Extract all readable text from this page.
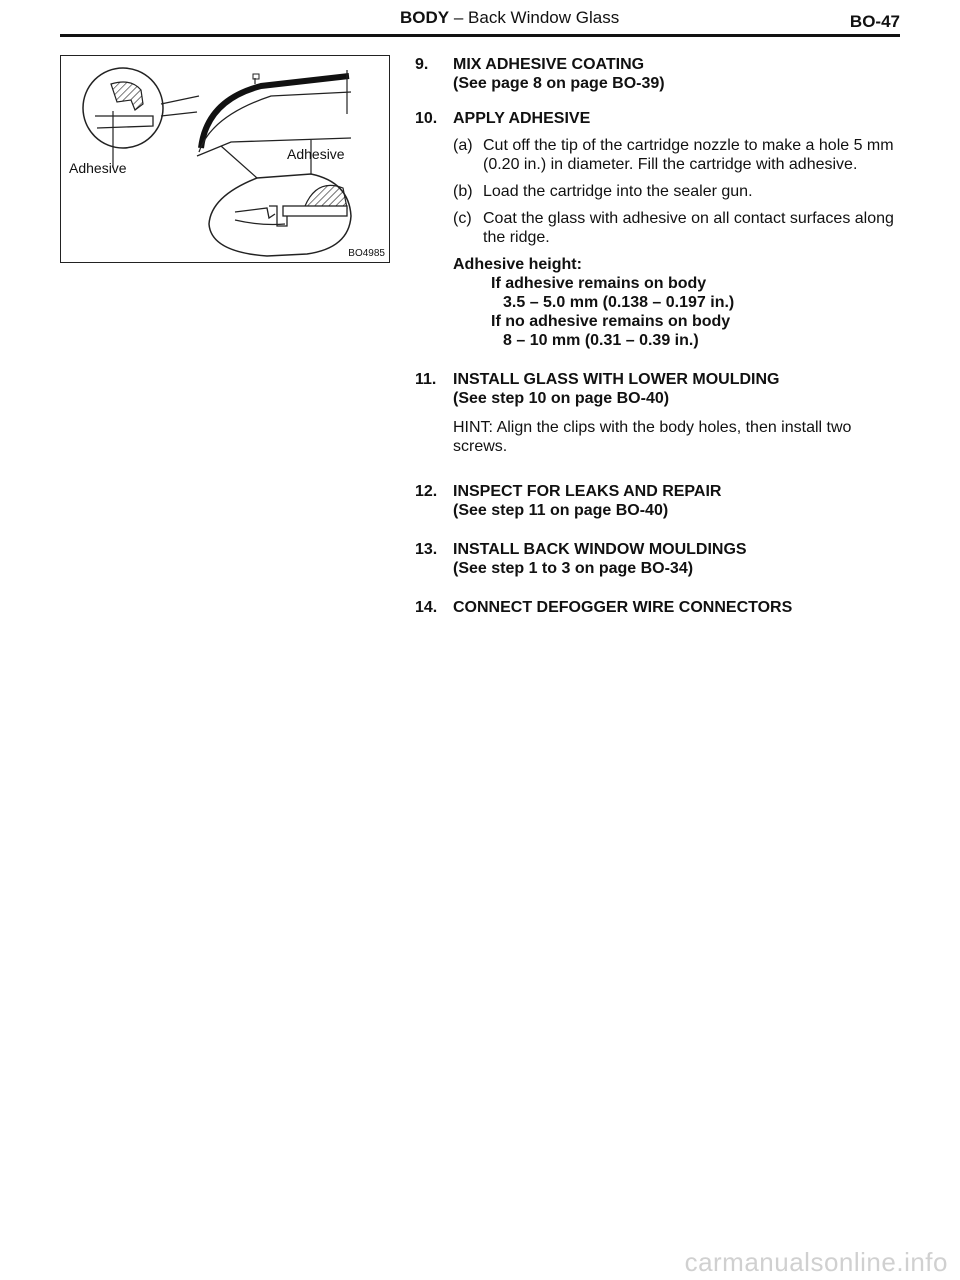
BODY – Back Window Glass	BO-47
Adhesive
Adhesive
BO4985
9. MIX ADHESIVE COATING
(See page 8 on page BO-39)
10. APPLY ADHESIVE
(a) Cut off the tip of the cartridge nozzle to make a hole 5 mm (0.20 in.) in diameter. Fill the cartridge with adhesive.
(b) Load the cartridge into the sealer gun.
(c) Coat the glass with adhesive on all contact surfaces along the ridge.
Adhesive height:
If adhesive remains on body
3.5 – 5.0 mm (0.138 – 0.197 in.)
If no adhesive remains on body
8 – 10 mm (0.31 – 0.39 in.)
11. INSTALL GLASS WITH LOWER MOULDING
(See step 10 on page BO-40)
HINT: Align the clips with the body holes, then install two screws.
12. INSPECT FOR LEAKS AND REPAIR
(See step 11 on page BO-40)
13. INSTALL BACK WINDOW MOULDINGS
(See step 1 to 3 on page BO-34)
14. CONNECT DEFOGGER WIRE CONNECTORS
carmanualsonline.info
